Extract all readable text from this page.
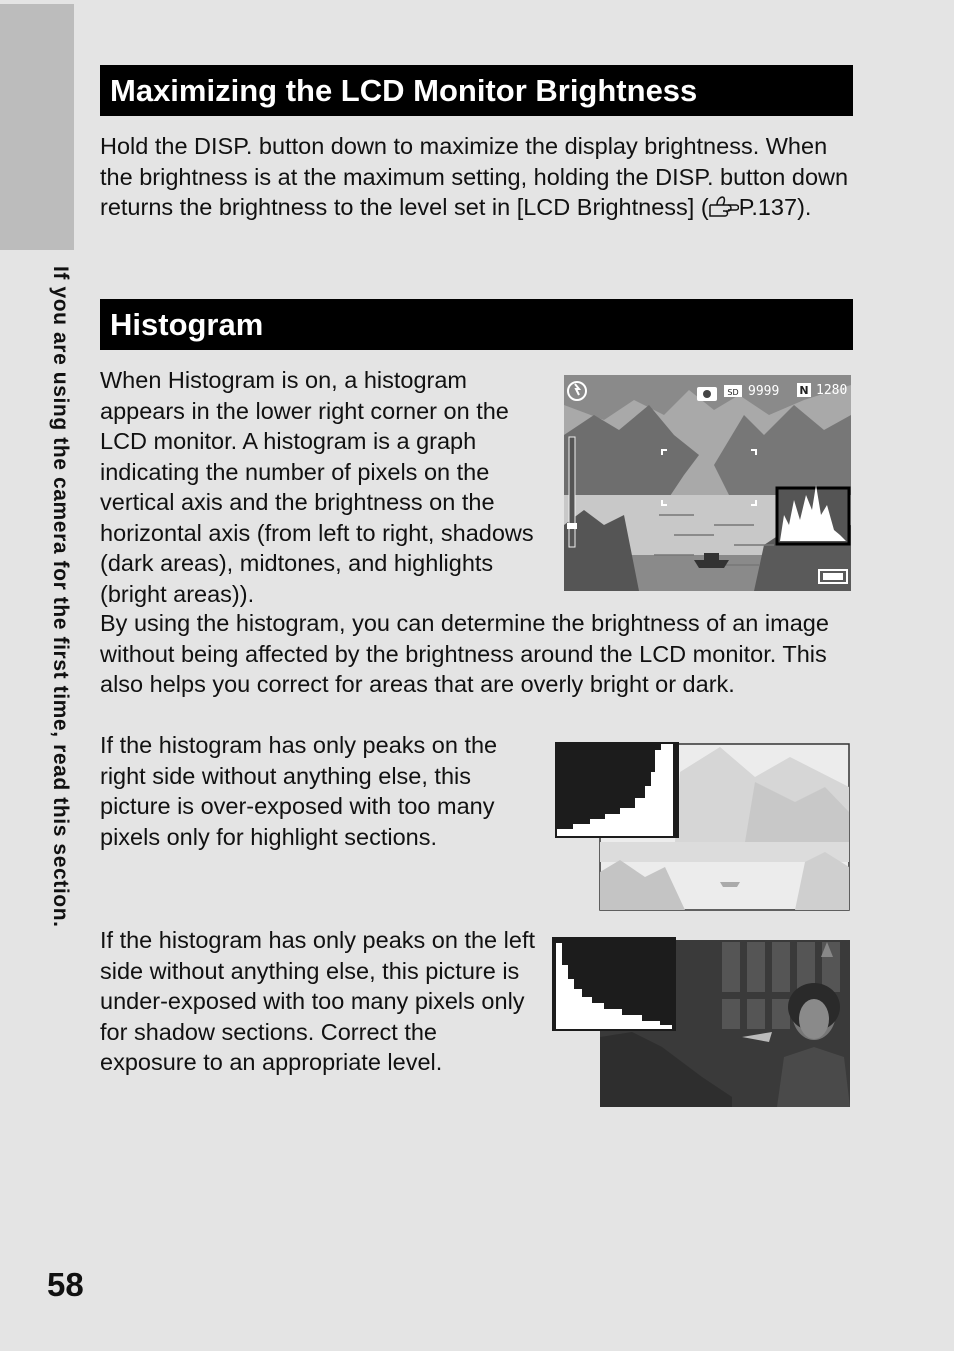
If you are using the camera for the first time, read this section.
58
Maximizing the LCD Monitor Brightness

Hold the DISP. button down to maximize the display brightness. When the brightness is at the maximum setting, holding the DISP. button down returns the brightness to the level set in [LCD Brightness] ( P.137).

Histogram

When Histogram is on, a histogram appears in the lower right corner on the LCD monitor. A histogram is a graph indicating the number of pixels on the vertical axis and the brightness on the horizontal axis (from left to right, shadows (dark areas), midtones, and highlights (bright areas)).

By using the histogram, you can determine the brightness of an image without being affected by the brightness around the LCD monitor. This also helps you correct for areas that are overly bright or dark.

If the histogram has only peaks on the right side without anything else, this picture is over-exposed with too many pixels only for highlight sections.

If the histogram has only peaks on the left side without anything else, this picture is under-exposed with too many pixels only for shadow sections. Correct the exposure to an appropriate level.

SD 9999 N 1280
